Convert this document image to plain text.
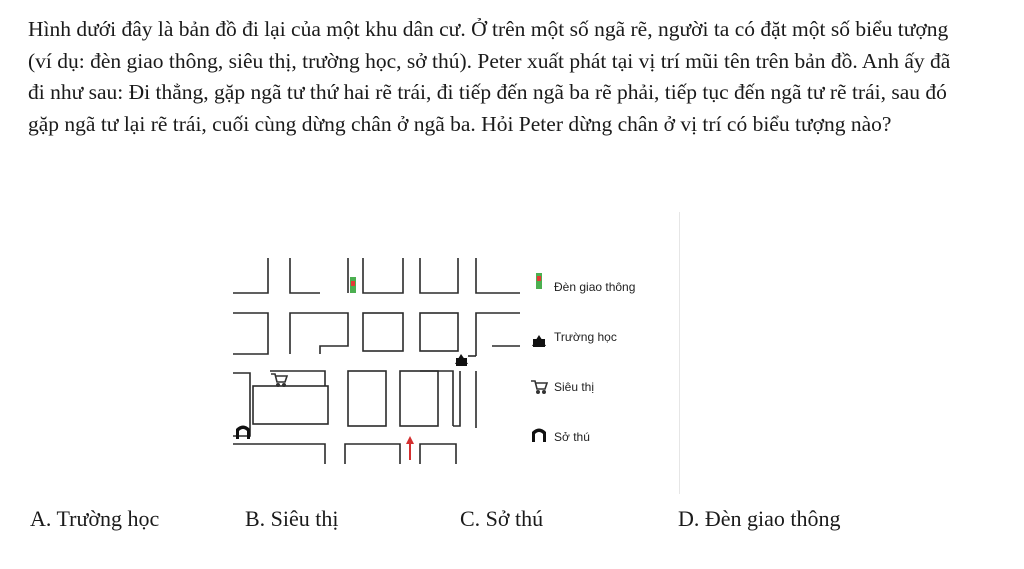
Hình dưới đây là bản đồ đi lại của một khu dân cư. Ở trên một số ngã rẽ, người ta có đặt một số biểu tượng (ví dụ: đèn giao thông, siêu thị, trường học, sở thú). Peter xuất phát tại vị trí mũi tên trên bản đồ. Anh ấy đã đi như sau: Đi thẳng, gặp ngã tư thứ hai rẽ trái, đi tiếp đến ngã ba rẽ phải, tiếp tục đến ngã tư rẽ trái, sau đó gặp ngã tư lại rẽ trái, cuối cùng dừng chân ở ngã ba. Hỏi Peter dừng chân ở vị trí có biểu tượng nào?

Đèn giao thông
Trường học
Siêu thị
Sở thú
A. Trường học	B. Siêu thị	C. Sở thú	D. Đèn giao thông
